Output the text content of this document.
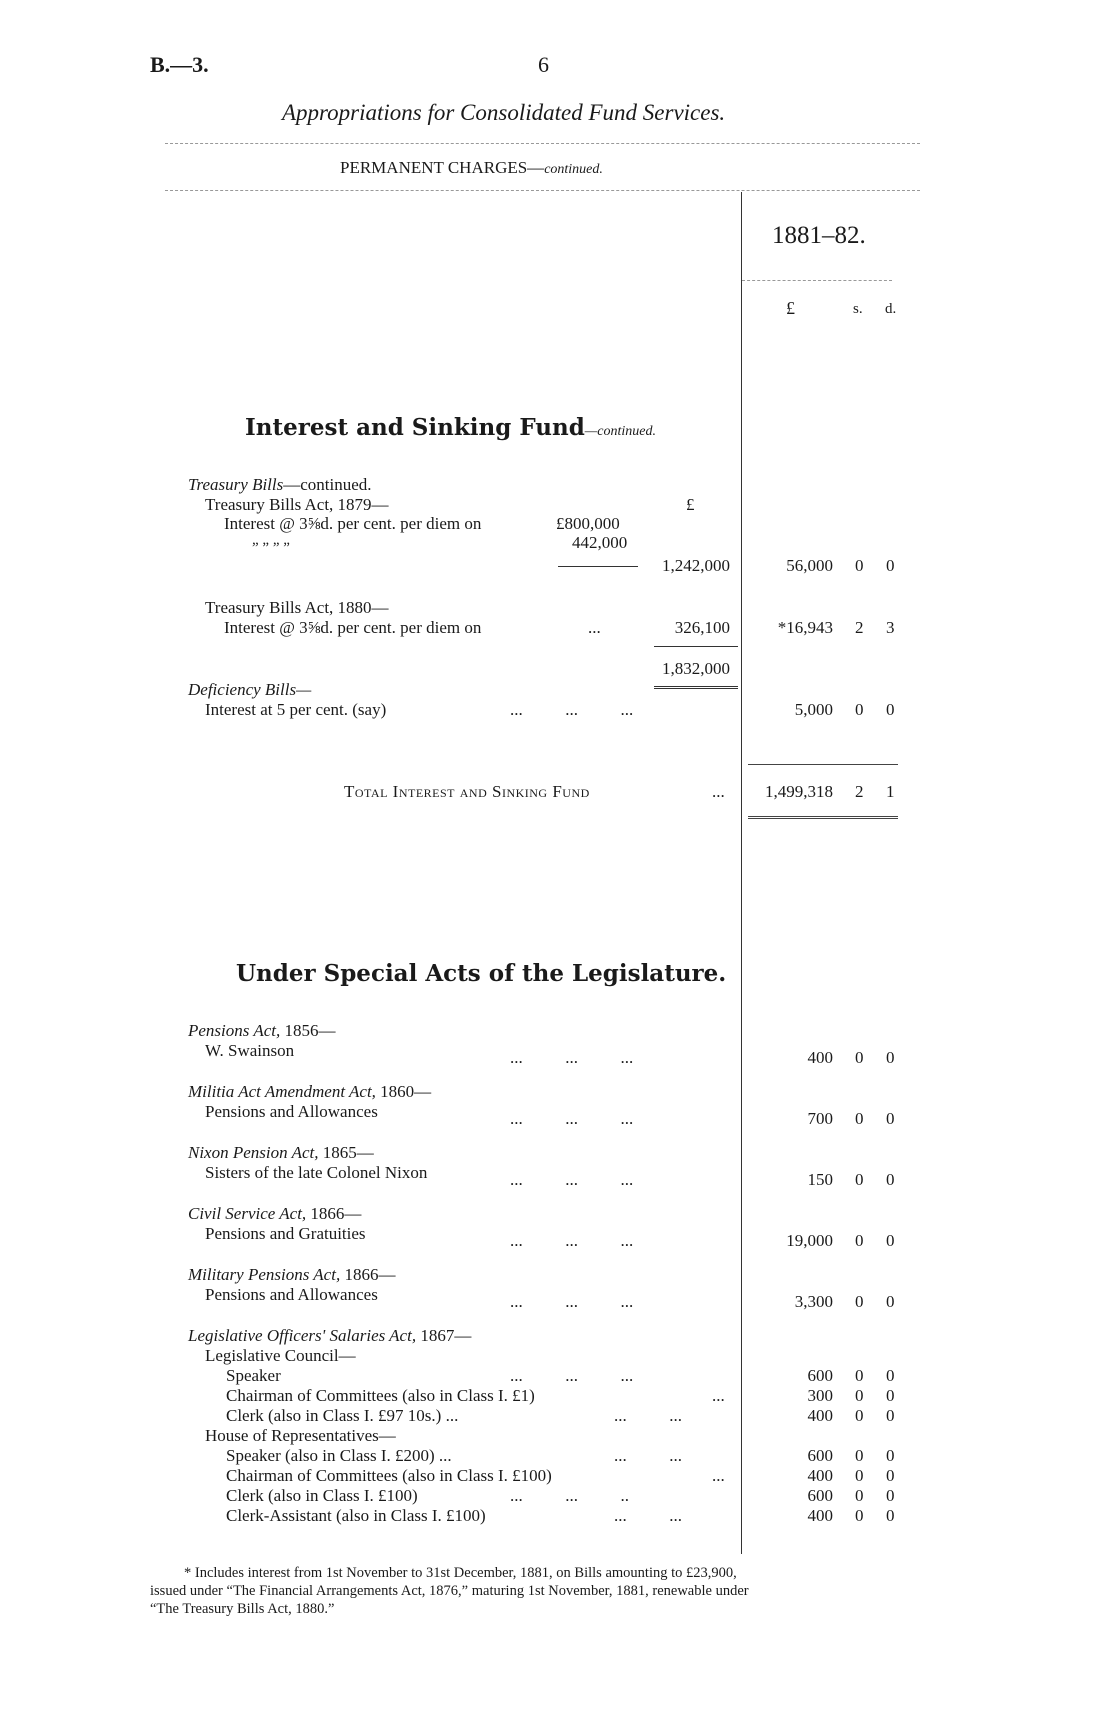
B.—3.	6
Appropriations for Consolidated Fund Services.
PERMANENT CHARGES—continued.
1881–82.
£	s. d.
Interest and Sinking Fund—continued.
Treasury Bills—continued.
Treasury Bills Act, 1879—	£
Interest @ 3⅝d. per cent. per diem on	£800,000
” ” ” ”	442,000
1,242,000	56,000 0 0
Treasury Bills Act, 1880—
Interest @ 3⅝d. per cent. per diem on	...	326,100	*16,943 2 3
1,832,000
Deficiency Bills—
Interest at 5 per cent. (say)	...          ...          ...	5,000 0 0
Total Interest and Sinking Fund	...	1,499,318 2 1
Under Special Acts of the Legislature.
Pensions Act, 1856—
W. Swainson	...          ...          ...	400 0 0
Militia Act Amendment Act, 1860—
Pensions and Allowances	...          ...          ...	700 0 0
Nixon Pension Act, 1865—
Sisters of the late Colonel Nixon	...          ...          ...	150 0 0
Civil Service Act, 1866—
Pensions and Gratuities	...          ...          ...	19,000 0 0
Military Pensions Act, 1866—
Pensions and Allowances	...          ...          ...	3,300 0 0
Legislative Officers' Salaries Act, 1867—
Legislative Council—
Speaker	...          ...          ...	600 0 0
Chairman of Committees (also in Class I. £1)	...	300 0 0
Clerk (also in Class I. £97 10s.) ...	...          ...	400 0 0
House of Representatives—
Speaker (also in Class I. £200) ...	...          ...	600 0 0
Chairman of Committees (also in Class I. £100)	...	400 0 0
Clerk (also in Class I. £100)	...          ...          ..	600 0 0
Clerk-Assistant (also in Class I. £100)	...          ...	400 0 0
* Includes interest from 1st November to 31st December, 1881, on Bills amounting to £23,900,
issued under “The Financial Arrangements Act, 1876,” maturing 1st November, 1881, renewable under
“The Treasury Bills Act, 1880.”
